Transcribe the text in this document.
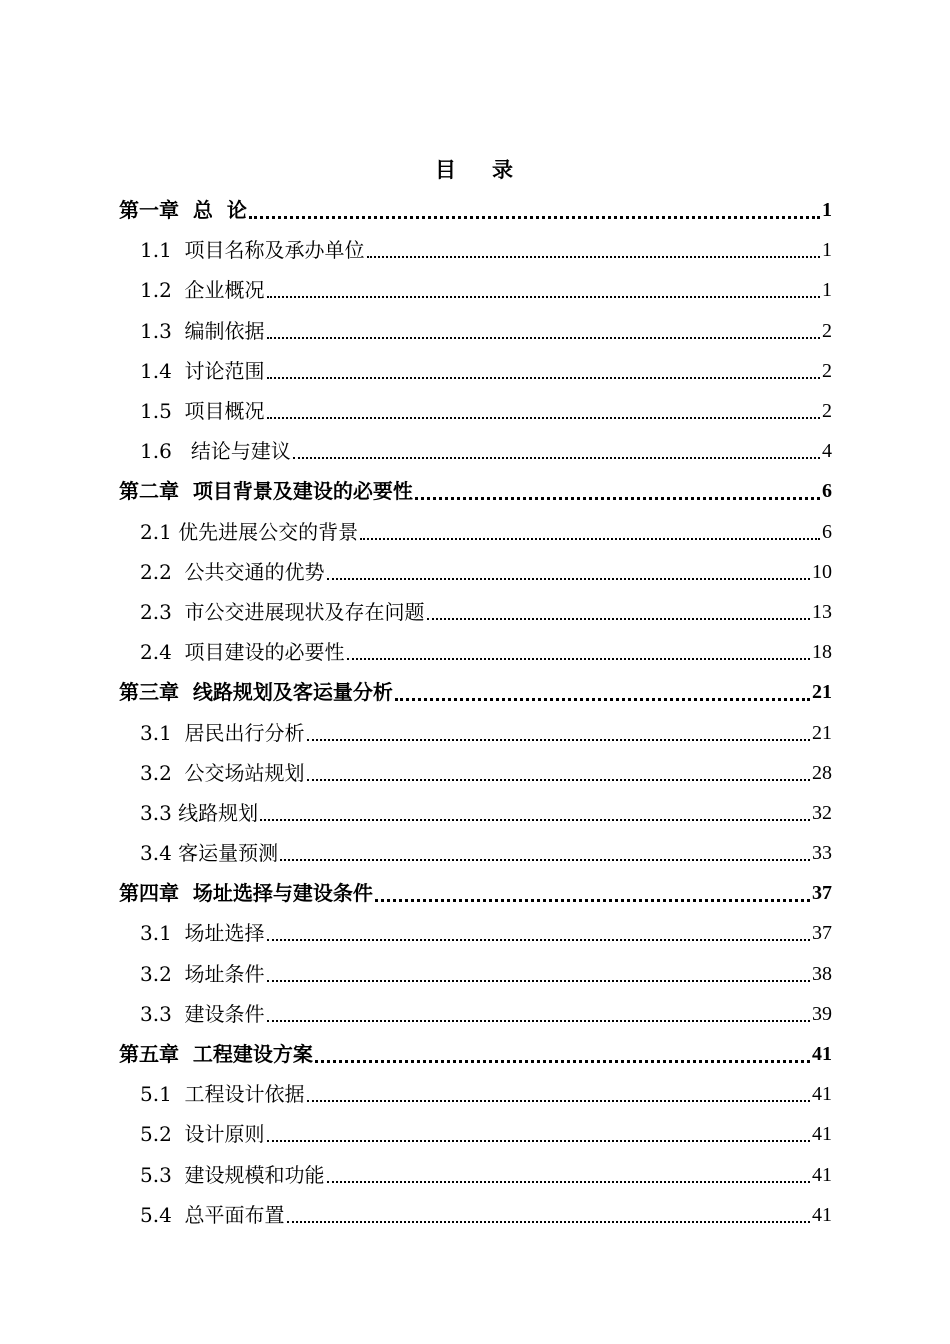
目 录
第一章  总  论	1
1.1  项目名称及承办单位	1
1.2  企业概况	1
1.3  编制依据	2
1.4  讨论范围	2
1.5  项目概况	2
1.6   结论与建议	4
第二章  项目背景及建设的必要性	6
2.1 优先进展公交的背景	6
2.2  公共交通的优势	10
2.3  市公交进展现状及存在问题	13
2.4  项目建设的必要性	18
第三章  线路规划及客运量分析	21
3.1  居民出行分析	21
3.2  公交场站规划	28
3.3 线路规划	32
3.4 客运量预测	33
第四章  场址选择与建设条件	37
3.1  场址选择	37
3.2  场址条件	38
3.3  建设条件	39
第五章  工程建设方案	41
5.1  工程设计依据	41
5.2  设计原则	41
5.3  建设规模和功能	41
5.4  总平面布置	41
